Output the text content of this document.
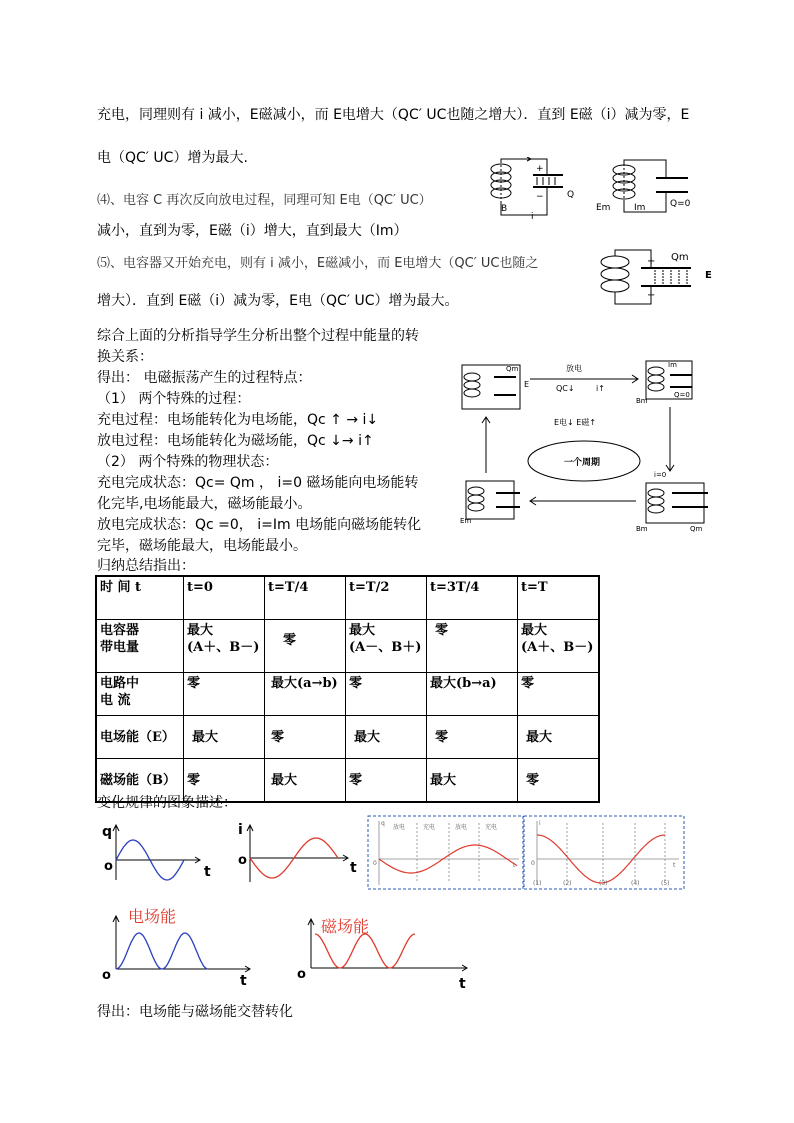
充电，同理则有 i 减小，E磁减小，而 E电增大（QC′ UC也随之增大）．直到 E磁（i）减为零，E
电（QC′ UC）增为最大.
⑷、电容 C 再次反向放电过程，同理可知 E电（QC′ UC）
减小，直到为零，E磁（i）增大，直到最大（Im）
⑸、电容器又开始充电，则有 i 减小，E磁减小，而 E电增大（QC′ UC也随之
增大）．直到 E磁（i）减为零，E电（QC′ UC）增为最大。
+
−	Q
B
i
Em	Im	Q=0
+
−
Qm
E
综合上面的分析指导学生分析出整个过程中能量的转
换关系：
得出： 电磁振荡产生的过程特点：
（1） 两个特殊的过程：
充电过程：电场能转化为电场能，Qc ↑ → i↓
放电过程：电场能转化为磁场能，Qc ↓→ i↑
（2） 两个特殊的物理状态：
充电完成状态：Qc= Qm ， i=0 磁场能向电场能转
化完毕,电场能最大，磁场能最小。
放电完成状态：Qc =0， i=Im 电场能向磁场能转化
完毕，磁场能最大，电场能最小。
归纳总结指出：
放电
QC↓	i↑
E电↓ E磁↑
一个周期
E
Qm	Im
Bm
Q=0
Em
i=0
Qm
Bm
时 间 t	t=0	t=T/4	t=T/2	t=3T/4	t=T
电容器
带电量	最大
(A＋、B－)	零	最大
(A－、B＋)	零	最大
(A＋、B－)
电路中
电 流	零	最大(a→b)	零	最大(b→a)	零
电场能（E）	最大	零	最大	零	最大
磁场能（B）	零	最大	零	最大	零
变化规律的图象描述：
q
t
o
i
t
o
放电	充电	放电	充电
q
t
0
i
t
0
(1)	(2)	(3)	(4)	(5)
电场能
t
o
磁场能
t
o
得出：电场能与磁场能交替转化
